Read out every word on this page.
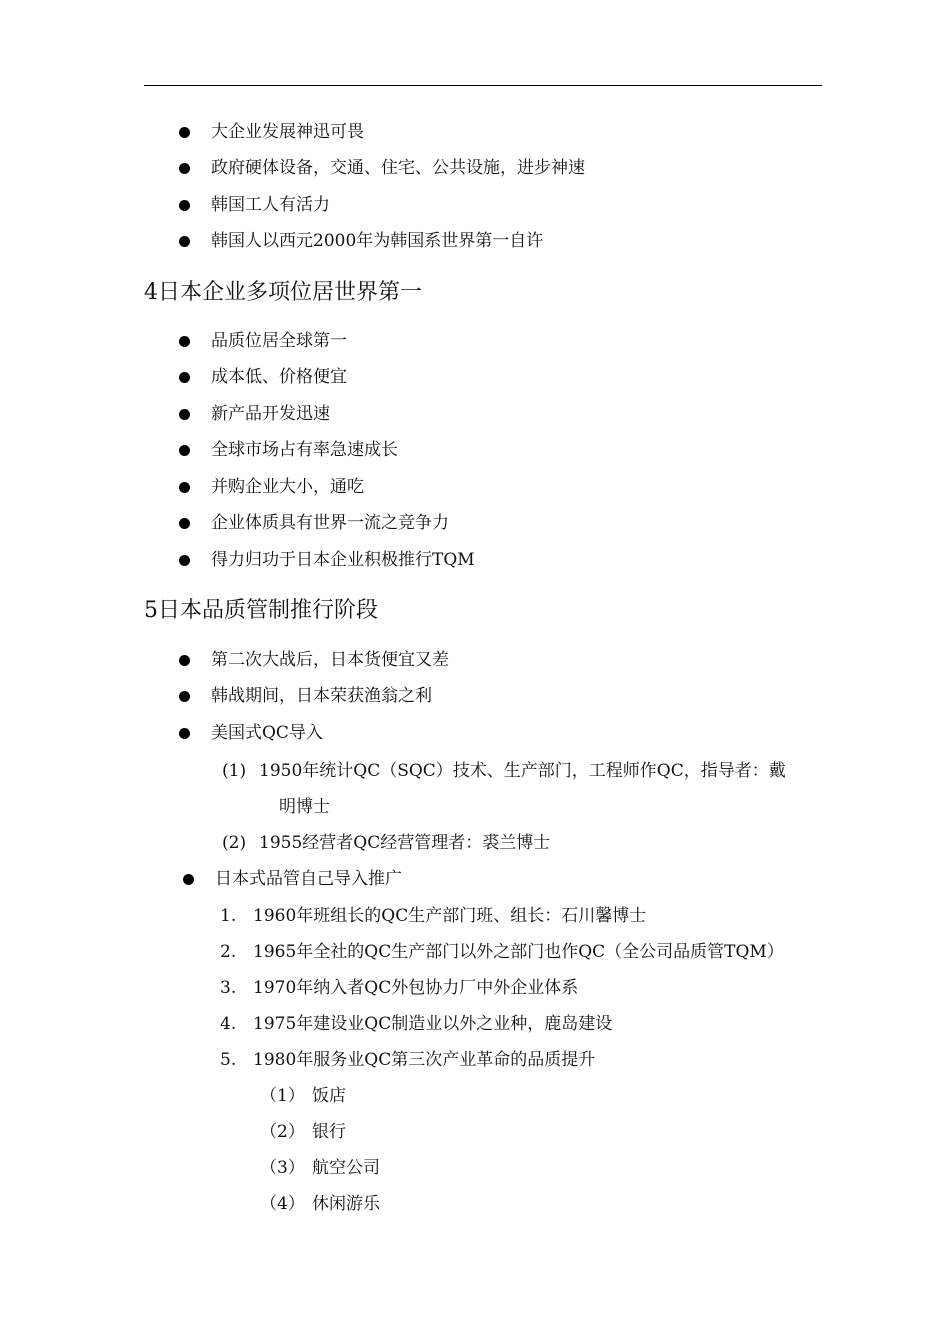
大企业发展神迅可畏
政府硬体设备，交通、住宅、公共设施，进步神速
韩国工人有活力
韩国人以西元2000年为韩国系世界第一自许
4日本企业多项位居世界第一
品质位居全球第一
成本低、价格便宜
新产品开发迅速
全球市场占有率急速成长
并购企业大小，通吃
企业体质具有世界一流之竞争力
得力归功于日本企业积极推行TQM
5日本品质管制推行阶段
第二次大战后，日本货便宜又差
韩战期间，日本荣获渔翁之利
美国式QC导入
(1) 1950年统计QC（SQC）技术、生产部门，工程师作QC，指导者：戴
明博士
(2) 1955经营者QC经营管理者：裘兰博士
日本式品管自己导入推广
1. 1960年班组长的QC生产部门班、组长：石川馨博士
2. 1965年全社的QC生产部门以外之部门也作QC（全公司品质管TQM）
3. 1970年纳入者QC外包协力厂中外企业体系
4. 1975年建设业QC制造业以外之业种，鹿岛建设
5. 1980年服务业QC第三次产业革命的品质提升
（1） 饭店
（2） 银行
（3） 航空公司
（4） 休闲游乐
